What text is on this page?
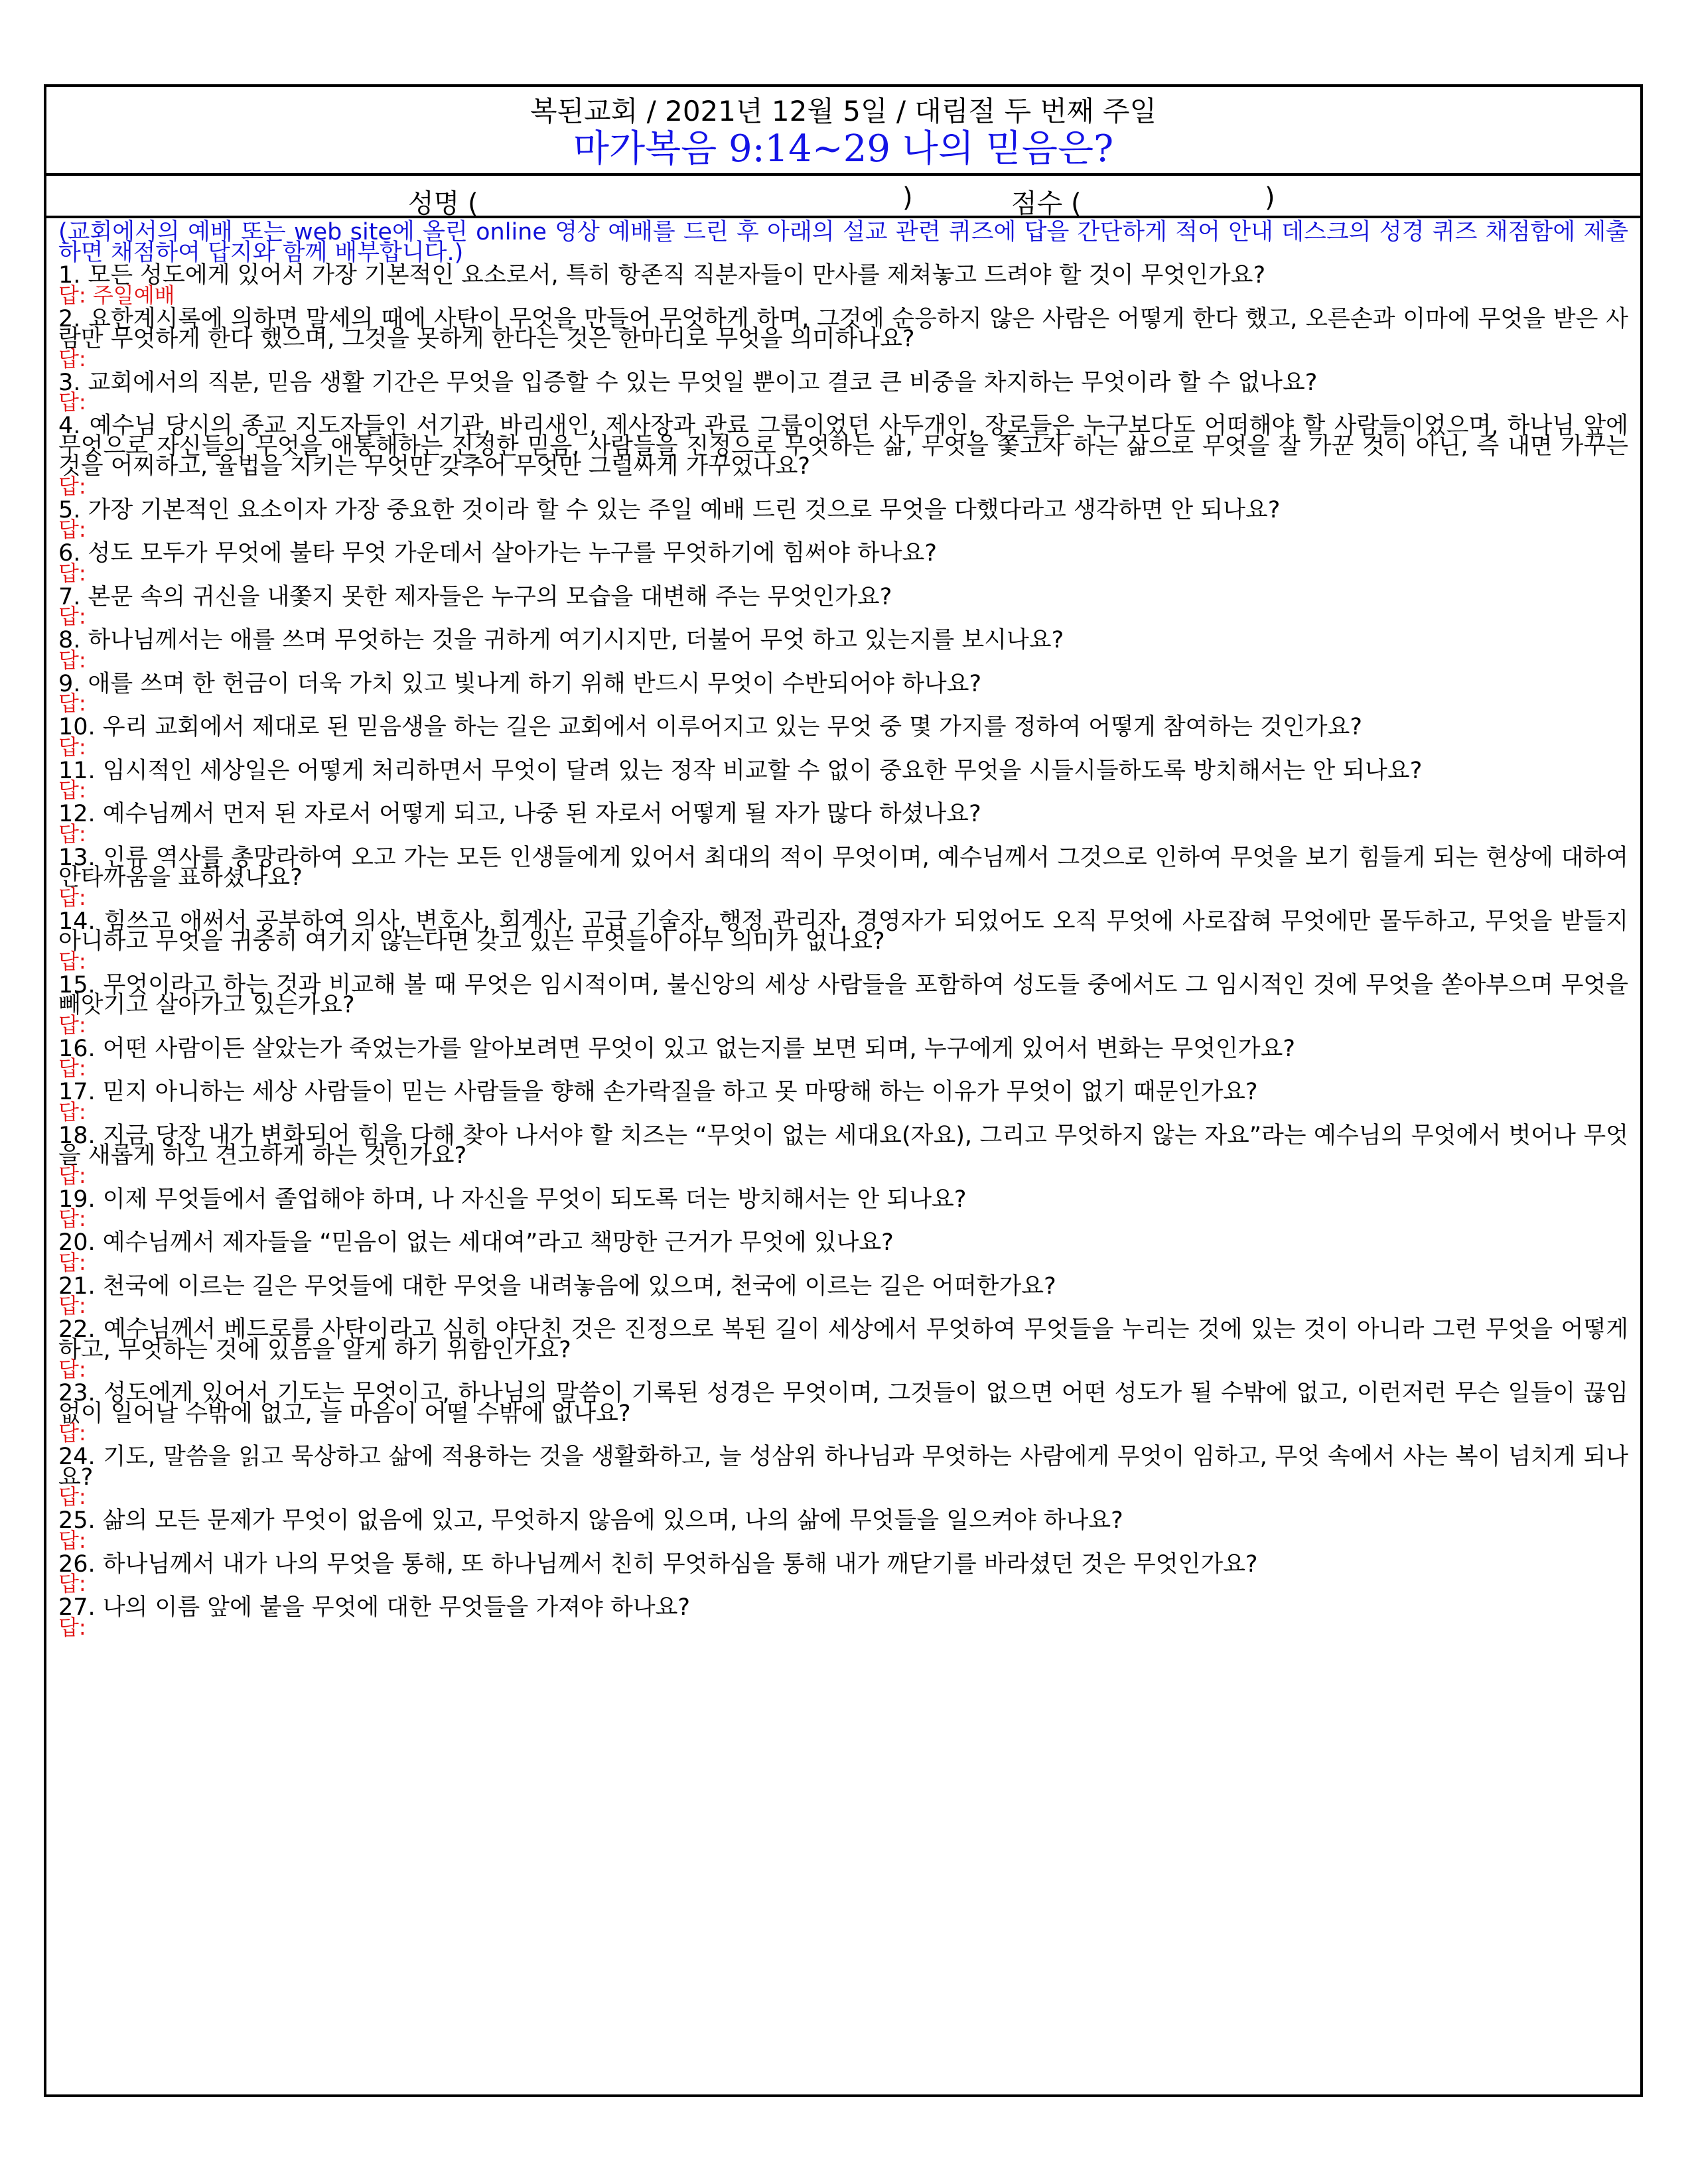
복된교회 / 2021년 12월 5일 / 대림절 두 번째 주일
마가복음 9:14~29 나의 믿음은?
성명 (	)	점수 (	)
(교회에서의 예배 또는 web site에 올린 online 영상 예배를 드린 후 아래의 설교 관련 퀴즈에 답을 간단하게 적어 안내 데스크의 성경 퀴즈 채점함에 제출하면 채점하여 답지와 함께 배부합니다.)
1. 모든 성도에게 있어서 가장 기본적인 요소로서, 특히 항존직 직분자들이 만사를 제쳐놓고 드려야 할 것이 무엇인가요?
답: 주일예배
2. 요한계시록에 의하면 말세의 때에 사탄이 무엇을 만들어 무엇하게 하며, 그것에 순응하지 않은 사람은 어떻게 한다 했고, 오른손과 이마에 무엇을 받은 사람만 무엇하게 한다 했으며, 그것을 못하게 한다는 것은 한마디로 무엇을 의미하나요?
답:
3. 교회에서의 직분, 믿음 생활 기간은 무엇을 입증할 수 있는 무엇일 뿐이고 결코 큰 비중을 차지하는 무엇이라 할 수 없나요?
답:
4. 예수님 당시의 종교 지도자들인 서기관, 바리새인, 제사장과 관료 그룹이었던 사두개인, 장로들은 누구보다도 어떠해야 할 사람들이었으며, 하나님 앞에 무엇으로 자신들의 무엇을 애통해하는 진정한 믿음, 사람들을 진정으로 무엇하는 삶, 무엇을 쫓고자 하는 삶으로 무엇을 잘 가꾼 것이 아닌, 즉 내면 가꾸는 것을 어찌하고, 율법을 지키는 무엇만 갖추어 무엇만 그럴싸게 가꾸었나요?
답:
5. 가장 기본적인 요소이자 가장 중요한 것이라 할 수 있는 주일 예배 드린 것으로 무엇을 다했다라고 생각하면 안 되나요?
답:
6. 성도 모두가 무엇에 불타 무엇 가운데서 살아가는 누구를 무엇하기에 힘써야 하나요?
답:
7. 본문 속의 귀신을 내쫓지 못한 제자들은 누구의 모습을 대변해 주는 무엇인가요?
답:
8. 하나님께서는 애를 쓰며 무엇하는 것을 귀하게 여기시지만, 더불어 무엇 하고 있는지를 보시나요?
답:
9. 애를 쓰며 한 헌금이 더욱 가치 있고 빛나게 하기 위해 반드시 무엇이 수반되어야 하나요?
답:
10. 우리 교회에서 제대로 된 믿음생을 하는 길은 교회에서 이루어지고 있는 무엇 중 몇 가지를 정하여 어떻게 참여하는 것인가요?
답:
11. 임시적인 세상일은 어떻게 처리하면서 무엇이 달려 있는 정작 비교할 수 없이 중요한 무엇을 시들시들하도록 방치해서는 안 되나요?
답:
12. 예수님께서 먼저 된 자로서 어떻게 되고, 나중 된 자로서 어떻게 될 자가 많다 하셨나요?
답:
13. 인류 역사를 총망라하여 오고 가는 모든 인생들에게 있어서 최대의 적이 무엇이며, 예수님께서 그것으로 인하여 무엇을 보기 힘들게 되는 현상에 대하여 안타까움을 표하셨나요?
답:
14. 힘쓰고 애써서 공부하여 의사, 변호사, 회계사, 고급 기술자, 행정 관리자, 경영자가 되었어도 오직 무엇에 사로잡혀 무엇에만 몰두하고, 무엇을 받들지 아니하고 무엇을 귀중히 여기지 않는다면 갖고 있는 무엇들이 아무 의미가 없나요?
답:
15. 무엇이라고 하는 것과 비교해 볼 때 무엇은 임시적이며, 불신앙의 세상 사람들을 포함하여 성도들 중에서도 그 임시적인 것에 무엇을 쏟아부으며 무엇을 빼앗기고 살아가고 있는가요?
답:
16. 어떤 사람이든 살았는가 죽었는가를 알아보려면 무엇이 있고 없는지를 보면 되며, 누구에게 있어서 변화는 무엇인가요?
답:
17. 믿지 아니하는 세상 사람들이 믿는 사람들을 향해 손가락질을 하고 못 마땅해 하는 이유가 무엇이 없기 때문인가요?
답:
18. 지금 당장 내가 변화되어 힘을 다해 찾아 나서야 할 치즈는 “무엇이 없는 세대요(자요), 그리고 무엇하지 않는 자요”라는 예수님의 무엇에서 벗어나 무엇을 새롭게 하고 견고하게 하는 것인가요?
답:
19. 이제 무엇들에서 졸업해야 하며, 나 자신을 무엇이 되도록 더는 방치해서는 안 되나요?
답:
20. 예수님께서 제자들을 “믿음이 없는 세대여”라고 책망한 근거가 무엇에 있나요?
답:
21. 천국에 이르는 길은 무엇들에 대한 무엇을 내려놓음에 있으며, 천국에 이르는 길은 어떠한가요?
답:
22. 예수님께서 베드로를 사탄이라고 심히 야단친 것은 진정으로 복된 길이 세상에서 무엇하여 무엇들을 누리는 것에 있는 것이 아니라 그런 무엇을 어떻게 하고, 무엇하는 것에 있음을 알게 하기 위함인가요?
답:
23. 성도에게 있어서 기도는 무엇이고, 하나님의 말씀이 기록된 성경은 무엇이며, 그것들이 없으면 어떤 성도가 될 수밖에 없고, 이런저런 무슨 일들이 끊임없이 일어날 수밖에 없고, 늘 마음이 어떨 수밖에 없나요?
답:
24. 기도, 말씀을 읽고 묵상하고 삶에 적용하는 것을 생활화하고, 늘 성삼위 하나님과 무엇하는 사람에게 무엇이 임하고, 무엇 속에서 사는 복이 넘치게 되나요?
답:
25. 삶의 모든 문제가 무엇이 없음에 있고, 무엇하지 않음에 있으며, 나의 삶에 무엇들을 일으켜야 하나요?
답:
26. 하나님께서 내가 나의 무엇을 통해, 또 하나님께서 친히 무엇하심을 통해 내가 깨닫기를 바라셨던 것은 무엇인가요?
답:
27. 나의 이름 앞에 붙을 무엇에 대한 무엇들을 가져야 하나요?
답:
